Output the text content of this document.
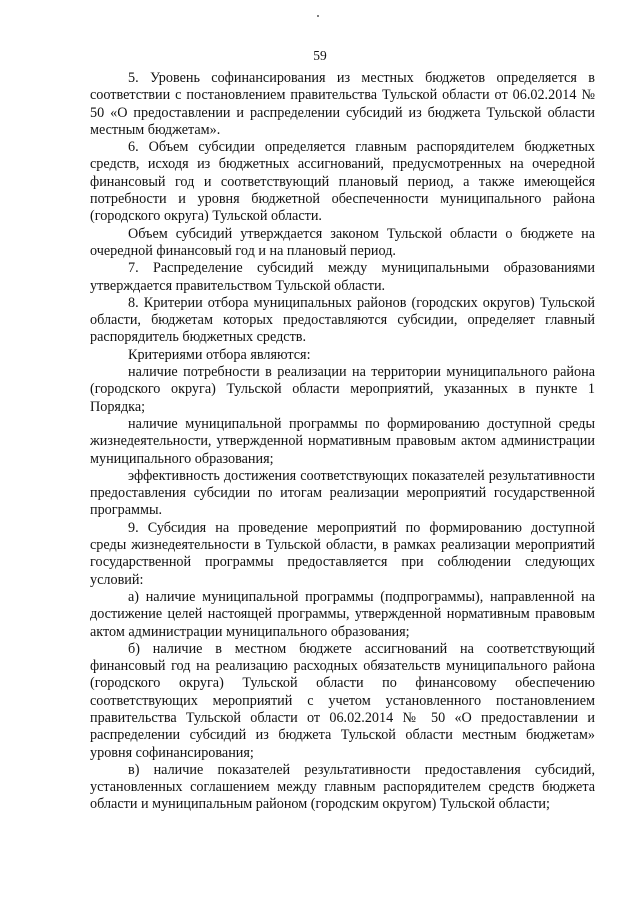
59

5. Уровень софинансирования из местных бюджетов определяется в соответствии с постановлением правительства Тульской области от 06.02.2014 № 50 «О предоставлении и распределении субсидий из бюджета Тульской области местным бюджетам».

6. Объем субсидии определяется главным распорядителем бюджетных средств, исходя из бюджетных ассигнований, предусмотренных на очередной финансовый год и соответствующий плановый период, а также имеющейся потребности и уровня бюджетной обеспеченности муниципального района (городского округа) Тульской области.

Объем субсидий утверждается законом Тульской области о бюджете на очередной финансовый год и на плановый период.

7. Распределение субсидий между муниципальными образованиями утверждается правительством Тульской области.

8. Критерии отбора муниципальных районов (городских округов) Тульской области, бюджетам которых предоставляются субсидии, определяет главный распорядитель бюджетных средств.

Критериями отбора являются:

наличие потребности в реализации на территории муниципального района (городского округа) Тульской области мероприятий, указанных в пункте 1 Порядка;

наличие муниципальной программы по формированию доступной среды жизнедеятельности, утвержденной нормативным правовым актом администрации муниципального образования;

эффективность достижения соответствующих показателей результативности предоставления субсидии по итогам реализации мероприятий государственной программы.

9. Субсидия на проведение мероприятий по формированию доступной среды жизнедеятельности в Тульской области, в рамках реализации мероприятий государственной программы предоставляется при соблюдении следующих условий:

а) наличие муниципальной программы (подпрограммы), направленной на достижение целей настоящей программы, утвержденной нормативным правовым актом администрации муниципального образования;

б) наличие в местном бюджете ассигнований на соответствующий финансовый год на реализацию расходных обязательств муниципального района (городского округа) Тульской области по финансовому обеспечению соответствующих мероприятий с учетом установленного постановлением правительства Тульской области от 06.02.2014 № 50 «О предоставлении и распределении субсидий из бюджета Тульской области местным бюджетам» уровня софинансирования;

в) наличие показателей результативности предоставления субсидий, установленных соглашением между главным распорядителем средств бюджета области и муниципальным районом (городским округом) Тульской области;
